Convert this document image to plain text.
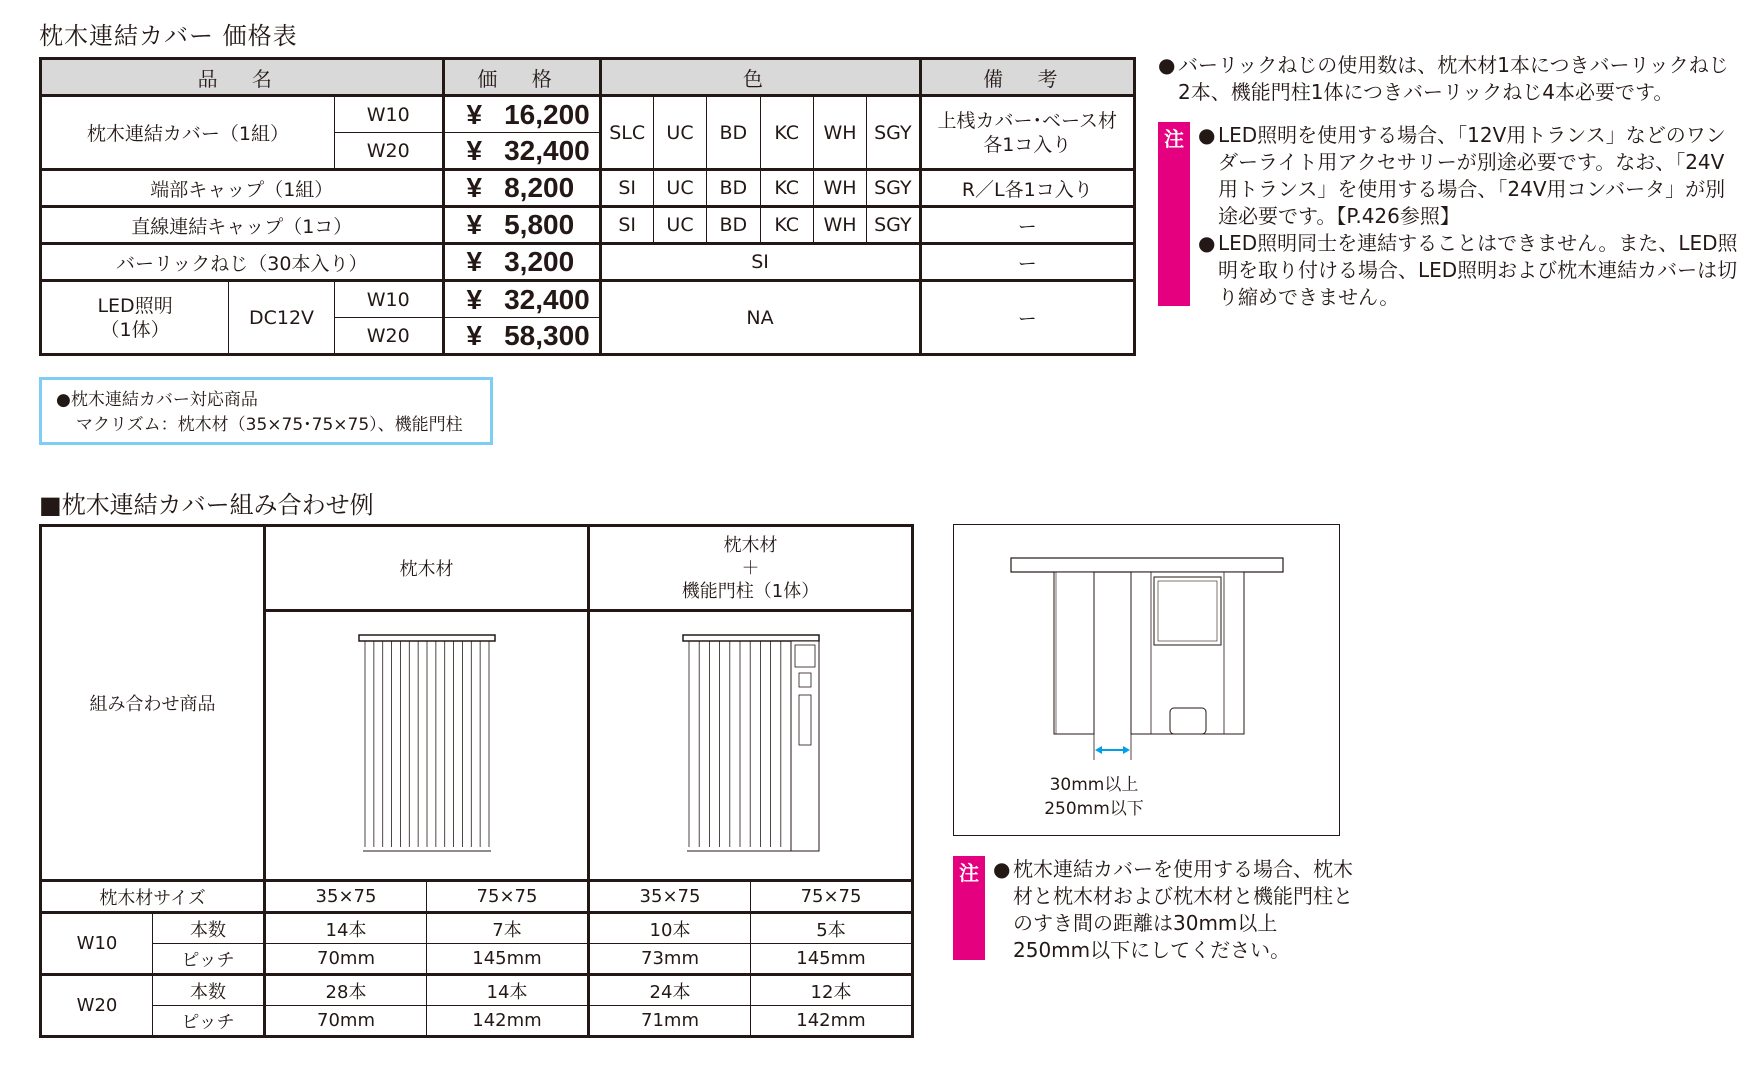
枕木連結カバー 価格表
品 名			価 格	色						備 考
枕木連結カバー（1組）		W10	¥ 16,200	SLC	UC	BD	KC	WH	SGY	上桟カバー･ベース材
各1コ入り
		W20	¥ 32,400							
端部キャップ（1組）			¥ 8,200	SI	UC	BD	KC	WH	SGY	R／L各1コ入り
直線連結キャップ（1コ）			¥ 5,800	SI	UC	BD	KC	WH	SGY	ー
バーリックねじ（30本入り）			¥ 3,200	SI						ー
LED照明
（1体）	DC12V	W10	¥ 32,400	NA						ー
		W20	¥ 58,300							
● バーリックねじの使用数は、枕木材1本につきバーリックねじ2本、機能門柱1体につきバーリックねじ4本必要です。
注 ● LED照明を使用する場合、「12V用トランス」などのワンダーライト用アクセサリーが別途必要です。なお、「24V用トランス」を使用する場合、「24V用コンバータ」が別途必要です。【P.426参照】
● LED照明同士を連結することはできません。また、LED照明を取り付ける場合、LED照明および枕木連結カバーは切り縮めできません。
●枕木連結カバー対応商品
マクリズム：枕木材（35×75･75×75）、機能門柱
■枕木連結カバー組み合わせ例
組み合わせ商品		枕木材		枕木材
＋
機能門柱（1体）	

枕木材サイズ		35×75	75×75	35×75	75×75
W10	本数	14本	7本	10本	5本
	ピッチ	70mm	145mm	73mm	145mm
W20	本数	28本	14本	24本	12本
	ピッチ	70mm	142mm	71mm	142mm
30mm以上
250mm以下
注 ● 枕木連結カバーを使用する場合、枕木材と枕木材および枕木材と機能門柱とのすき間の距離は30mm以上250mm以下にしてください。
